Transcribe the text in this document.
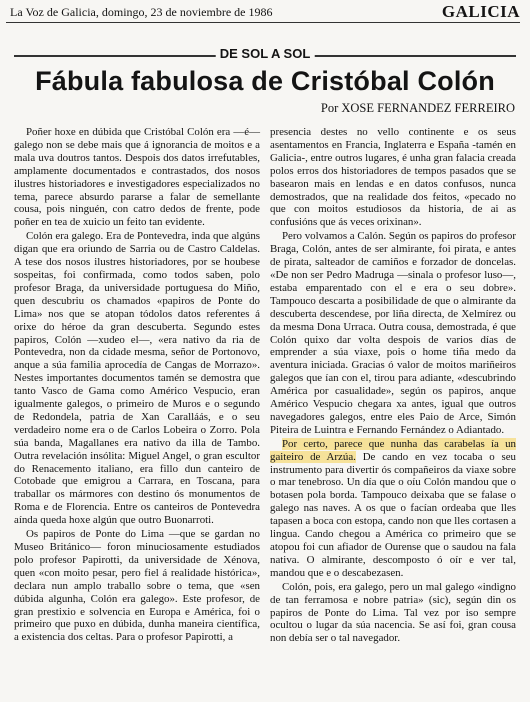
La Voz de Galicia, domingo, 23 de noviembre de 1986	GALICIA
DE SOL A SOL
Fábula fabulosa de Cristóbal Colón
Por XOSE FERNANDEZ FERREIRO

Poñer hoxe en dúbida que Cristóbal Colón era —é— galego non se debe mais que á ignorancia de moitos e a mala uva doutros tantos. Despois dos datos irrefutables, amplamente documentados e contrastados, dos nosos ilustres historiadores e investigadores especializados no tema, parece absurdo pararse a falar de semellante cousa, pois ninguén, con catro dedos de frente, pode poñer en tea de xuicio un feito tan evidente.

Colón era galego. Era de Pontevedra, inda que algúns digan que era oriundo de Sarria ou de Castro Caldelas. A tese dos nosos ilustres historiadores, por se houbese sospeitas, foi confirmada, como todos saben, polo profesor Braga, da universidade portuguesa do Miño, quen descubriu os chamados «papiros de Ponte do Lima» nos que se atopan tódolos datos referentes á orixe do héroe da gran descuberta. Segundo estes papiros, Colón —xudeo el—, «era nativo da ria de Pontevedra, non da cidade mesma, señor de Portonovo, anque a súa familia aprocedía de Cangas de Morrazo». Nestes importantes documentos tamén se demostra que tanto Vasco de Gama como Américo Vespucio, eran igualmente galegos, o primeiro de Muros e o segundo de Redondela, patria de Xan Caralláás, e o seu verdadeiro nome era o de Carlos Lobeira o Zorro. Pola súa banda, Magallanes era nativo da illa de Tambo. Outra revelación insólita: Miguel Angel, o gran escultor do Renacemento italiano, era fillo dun canteiro de Cotobade que emigrou a Carrara, en Toscana, para traballar os mármores con destino ós monumentos de Roma e de Florencia. Entre os canteiros de Pontevedra aínda queda hoxe algún que outro Buonarroti.

Os papiros de Ponte do Lima —que se gardan no Museo Británico— foron minuciosamente estudiados polo profesor Papirotti, da universidade de Xénova, quen «con moito pesar, pero fiel á realidade histórica», declara nun amplo traballo sobre o tema, que «sen dúbida algunha, Colón era galego». Este profesor, de gran prestixio e solvencia en Europa e América, foi o primeiro que puxo en dúbida, dunha maneira científica, a existencia dos celtas. Para o profesor Papirotti, a

presencia destes no vello continente e os seus asentamentos en Francia, Inglaterra e España -tamén en Galicia-, entre outros lugares, é unha gran falacia creada polos erros dos historiadores de tempos pasados que se basearon mais en lendas e en datos confusos, nunca demostrados, que na realidade dos feitos, «pecado no que con moitos estudiosos da historia, de ai as confusións que ás veces orixinan».

Pero volvamos a Calón. Según os papiros do profesor Braga, Colón, antes de ser almirante, foi pirata, e antes de pirata, salteador de camiños e forzador de doncelas. «De non ser Pedro Madruga —sinala o profesor luso—, estaba emparentado con el e era o seu dobre». Tampouco descarta a posibilidade de que o almirante da descuberta descendese, por liña directa, de Xelmírez ou da mesma Dona Urraca. Outra cousa, demostrada, é que Colón quixo dar volta despois de varios días de emprender a súa viaxe, pois o home tiña medo da aventura iniciada. Gracias ó valor de moitos mariñeiros galegos que ían con el, tirou para adiante, «descubrindo América por casualidade», según os papiros, anque Américo Vespucio chegara xa antes, igual que outros navegadores galegos, entre eles Paio de Arce, Simón Piteira de Luintra e Fernando Fernández o Adiantado.

Por certo, parece que nunha das carabelas ía un gaiteiro de Arzúa. De cando en vez tocaba o seu instrumento para divertir ós compañeiros da viaxe sobre o mar tenebroso. Un día que o oíu Colón mandou que o botasen pola borda. Tampouco deixaba que se falase o galego nas naves. A os que o facían ordeaba que lles tapasen a boca con estopa, cando non que lles cortasen a lingua. Cando chegou a América co primeiro que se atopou foi cun afiador de Ourense que o saudou na fala nativa. O almirante, descomposto ó oír e ver tal, mandou que e o descabezasen.

Colón, pois, era galego, pero un mal galego «indigno de tan ferramosa e nobre patria» (sic), según din os papiros de Ponte do Lima. Tal vez por iso sempre ocultou o lugar da súa nacencia. Se así foi, gran cousa non debía ser o tal navegador.
